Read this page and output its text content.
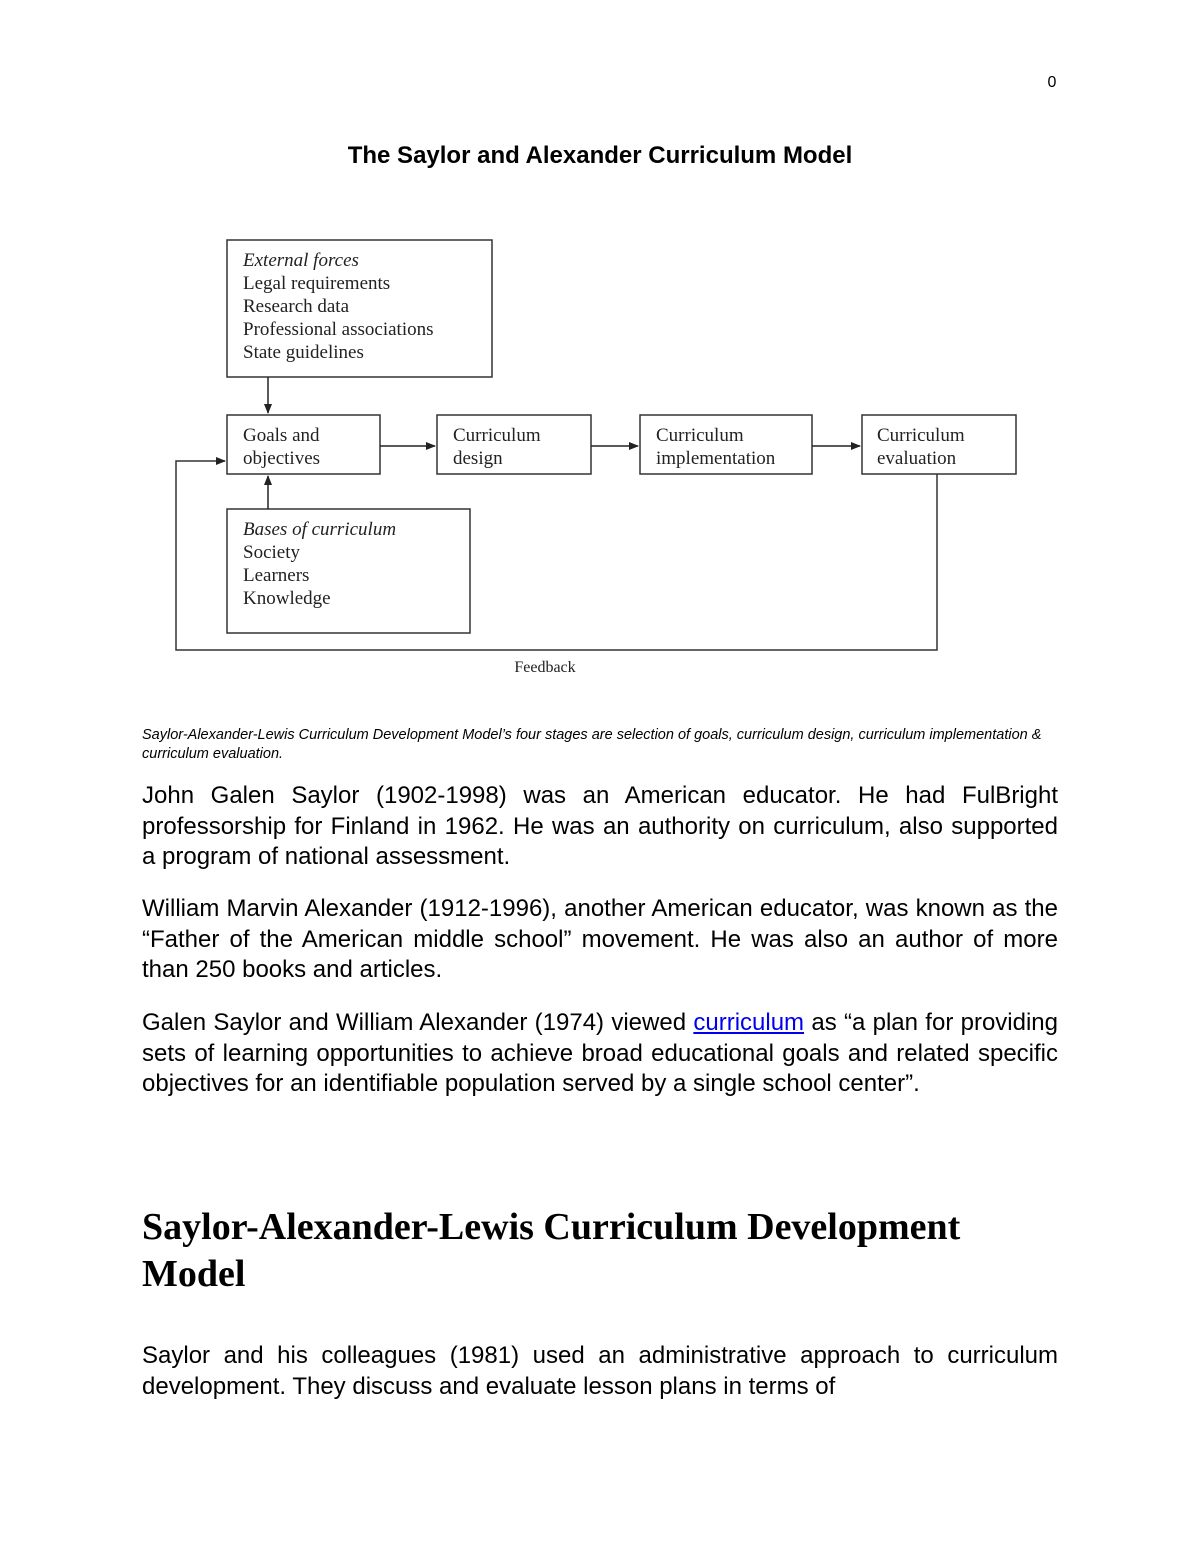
0
The Saylor and Alexander Curriculum Model
External forces
Legal requirements
Research data
Professional associations
State guidelines
Goals and
objectives
Curriculum
design
Curriculum
implementation
Curriculum
evaluation
Bases of curriculum
Society
Learners
Knowledge
Feedback
Saylor-Alexander-Lewis Curriculum Development Model’s four stages are selection of goals, curriculum design, curriculum implementation & curriculum evaluation.

John Galen Saylor (1902-1998) was an American educator. He had FulBright professorship for Finland in 1962. He was an authority on curriculum, also supported a program of national assessment.

William Marvin Alexander (1912-1996), another American educator, was known as the “Father of the American middle school” movement. He was also an author of more than 250 books and articles.

Galen Saylor and William Alexander (1974) viewed curriculum as “a plan for providing sets of learning opportunities to achieve broad educational goals and related specific objectives for an identifiable population served by a single school center”.

Saylor-Alexander-Lewis Curriculum Development Model

Saylor and his colleagues (1981) used an administrative approach to curriculum development. They discuss and evaluate lesson plans in terms of
